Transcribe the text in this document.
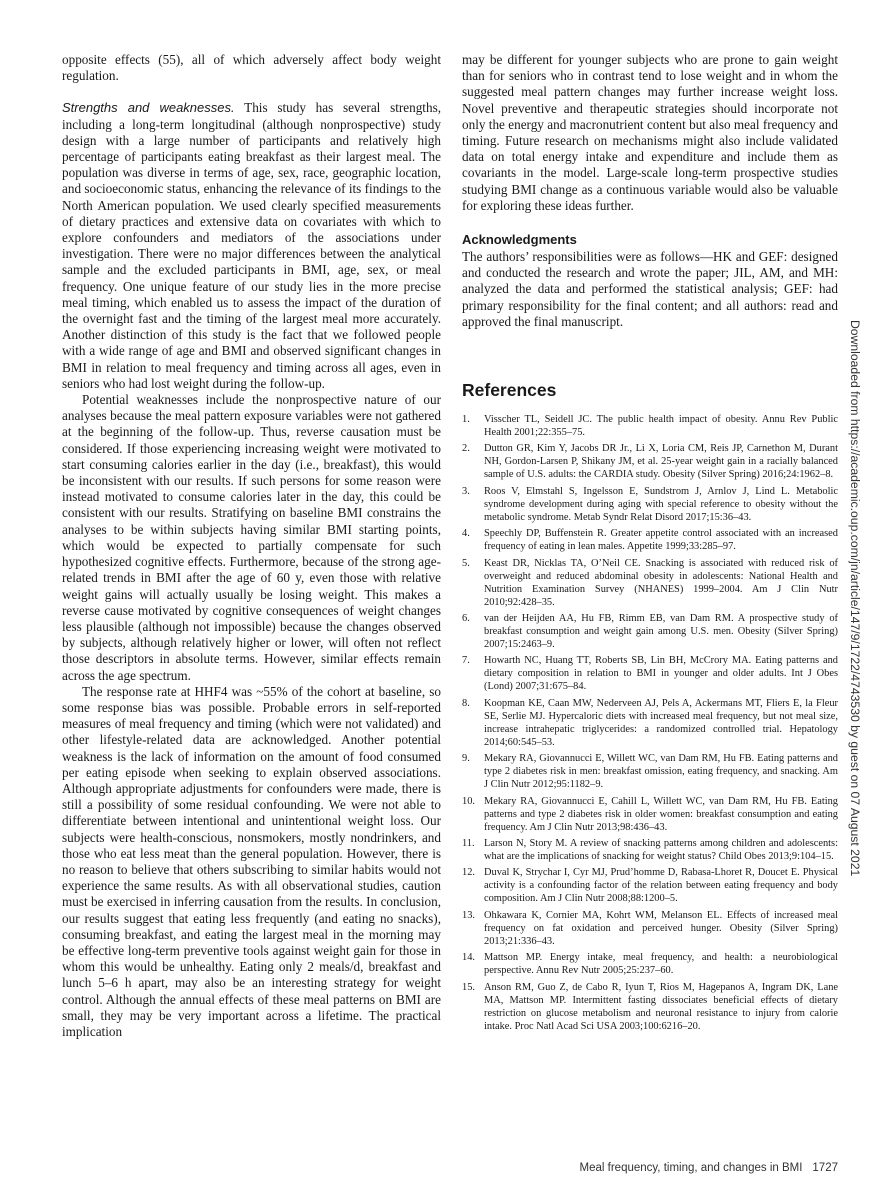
opposite effects (55), all of which adversely affect body weight regulation.

Strengths and weaknesses. This study has several strengths, including a long-term longitudinal (although nonprospective) study design with a large number of participants and relatively high percentage of participants eating breakfast as their largest meal. The population was diverse in terms of age, sex, race, geographic location, and socioeconomic status, enhancing the relevance of its findings to the North American population. We used clearly specified measurements of dietary practices and extensive data on covariates with which to explore confounders and mediators of the associations under investigation. There were no major differences between the analytical sample and the excluded participants in BMI, age, sex, or meal frequency. One unique feature of our study lies in the more precise meal timing, which enabled us to assess the impact of the duration of the overnight fast and the timing of the largest meal more accurately. Another distinction of this study is the fact that we followed people with a wide range of age and BMI and observed significant changes in BMI in relation to meal frequency and timing across all ages, even in seniors who had lost weight during the follow-up.

Potential weaknesses include the nonprospective nature of our analyses because the meal pattern exposure variables were not gathered at the beginning of the follow-up. Thus, reverse causation must be considered. If those experiencing increasing weight were motivated to start consuming calories earlier in the day (i.e., breakfast), this would be inconsistent with our results. If such persons for some reason were instead motivated to consume calories later in the day, this could be consistent with our results. Stratifying on baseline BMI constrains the analyses to be within subjects having similar BMI starting points, which would be expected to partially compensate for such hypothesized cognitive effects. Furthermore, because of the strong age-related trends in BMI after the age of 60 y, even those with relative weight gains will actually usually be losing weight. This makes a reverse cause motivated by cognitive consequences of weight changes less plausible (although not impossible) because the changes observed by subjects, although relatively higher or lower, will often not reflect those descriptors in absolute terms. However, similar effects remain across the age spectrum.

The response rate at HHF4 was ~55% of the cohort at baseline, so some response bias was possible. Probable errors in self-reported measures of meal frequency and timing (which were not validated) and other lifestyle-related data are acknowledged. Another potential weakness is the lack of information on the amount of food consumed per eating episode when seeking to explain observed associations. Although appropriate adjustments for confounders were made, there is still a possibility of some residual confounding. We were not able to differentiate between intentional and unintentional weight loss. Our subjects were health-conscious, nonsmokers, mostly nondrinkers, and those who eat less meat than the general population. However, there is no reason to believe that others subscribing to similar habits would not experience the same results. As with all observational studies, caution must be exercised in inferring causation from the results. In conclusion, our results suggest that eating less frequently (and eating no snacks), consuming breakfast, and eating the largest meal in the morning may be effective long-term preventive tools against weight gain for those in whom this would be unhealthy. Eating only 2 meals/d, breakfast and lunch 5–6 h apart, may also be an interesting strategy for weight control. Although the annual effects of these meal patterns on BMI are small, they may be very important across a lifetime. The practical implication

may be different for younger subjects who are prone to gain weight than for seniors who in contrast tend to lose weight and in whom the suggested meal pattern changes may further increase weight loss. Novel preventive and therapeutic strategies should incorporate not only the energy and macronutrient content but also meal frequency and timing. Future research on mechanisms might also include validated data on total energy intake and expenditure and include them as covariants in the model. Large-scale long-term prospective studies studying BMI change as a continuous variable would also be valuable for exploring these ideas further.

Acknowledgments

The authors’ responsibilities were as follows—HK and GEF: designed and conducted the research and wrote the paper; JIL, AM, and MH: analyzed the data and performed the statistical analysis; GEF: had primary responsibility for the final content; and all authors: read and approved the final manuscript.

References
1.	Visscher TL, Seidell JC. The public health impact of obesity. Annu Rev Public Health 2001;22:355–75.
2.	Dutton GR, Kim Y, Jacobs DR Jr., Li X, Loria CM, Reis JP, Carnethon M, Durant NH, Gordon-Larsen P, Shikany JM, et al. 25-year weight gain in a racially balanced sample of U.S. adults: the CARDIA study. Obesity (Silver Spring) 2016;24:1962–8.
3.	Roos V, Elmstahl S, Ingelsson E, Sundstrom J, Arnlov J, Lind L. Metabolic syndrome development during aging with special reference to obesity without the metabolic syndrome. Metab Syndr Relat Disord 2017;15:36–43.
4.	Speechly DP, Buffenstein R. Greater appetite control associated with an increased frequency of eating in lean males. Appetite 1999;33:285–97.
5.	Keast DR, Nicklas TA, O’Neil CE. Snacking is associated with reduced risk of overweight and reduced abdominal obesity in adolescents: National Health and Nutrition Examination Survey (NHANES) 1999–2004. Am J Clin Nutr 2010;92:428–35.
6.	van der Heijden AA, Hu FB, Rimm EB, van Dam RM. A prospective study of breakfast consumption and weight gain among U.S. men. Obesity (Silver Spring) 2007;15:2463–9.
7.	Howarth NC, Huang TT, Roberts SB, Lin BH, McCrory MA. Eating patterns and dietary composition in relation to BMI in younger and older adults. Int J Obes (Lond) 2007;31:675–84.
8.	Koopman KE, Caan MW, Nederveen AJ, Pels A, Ackermans MT, Fliers E, la Fleur SE, Serlie MJ. Hypercaloric diets with increased meal frequency, but not meal size, increase intrahepatic triglycerides: a randomized controlled trial. Hepatology 2014;60:545–53.
9.	Mekary RA, Giovannucci E, Willett WC, van Dam RM, Hu FB. Eating patterns and type 2 diabetes risk in men: breakfast omission, eating frequency, and snacking. Am J Clin Nutr 2012;95:1182–9.
10. Mekary RA, Giovannucci E, Cahill L, Willett WC, van Dam RM, Hu FB. Eating patterns and type 2 diabetes risk in older women: breakfast consumption and eating frequency. Am J Clin Nutr 2013;98:436–43.
11. Larson N, Story M. A review of snacking patterns among children and adolescents: what are the implications of snacking for weight status? Child Obes 2013;9:104–15.
12. Duval K, Strychar I, Cyr MJ, Prud’homme D, Rabasa-Lhoret R, Doucet E. Physical activity is a confounding factor of the relation between eating frequency and body composition. Am J Clin Nutr 2008;88:1200–5.
13. Ohkawara K, Cornier MA, Kohrt WM, Melanson EL. Effects of increased meal frequency on fat oxidation and perceived hunger. Obesity (Silver Spring) 2013;21:336–43.
14. Mattson MP. Energy intake, meal frequency, and health: a neurobiological perspective. Annu Rev Nutr 2005;25:237–60.
15. Anson RM, Guo Z, de Cabo R, Iyun T, Rios M, Hagepanos A, Ingram DK, Lane MA, Mattson MP. Intermittent fasting dissociates beneficial effects of dietary restriction on glucose metabolism and neuronal resistance to injury from calorie intake. Proc Natl Acad Sci USA 2003;100:6216–20.
Downloaded from https://academic.oup.com/jn/article/147/9/1722/4743530 by guest on 07 August 2021
Meal frequency, timing, and changes in BMI 1727
